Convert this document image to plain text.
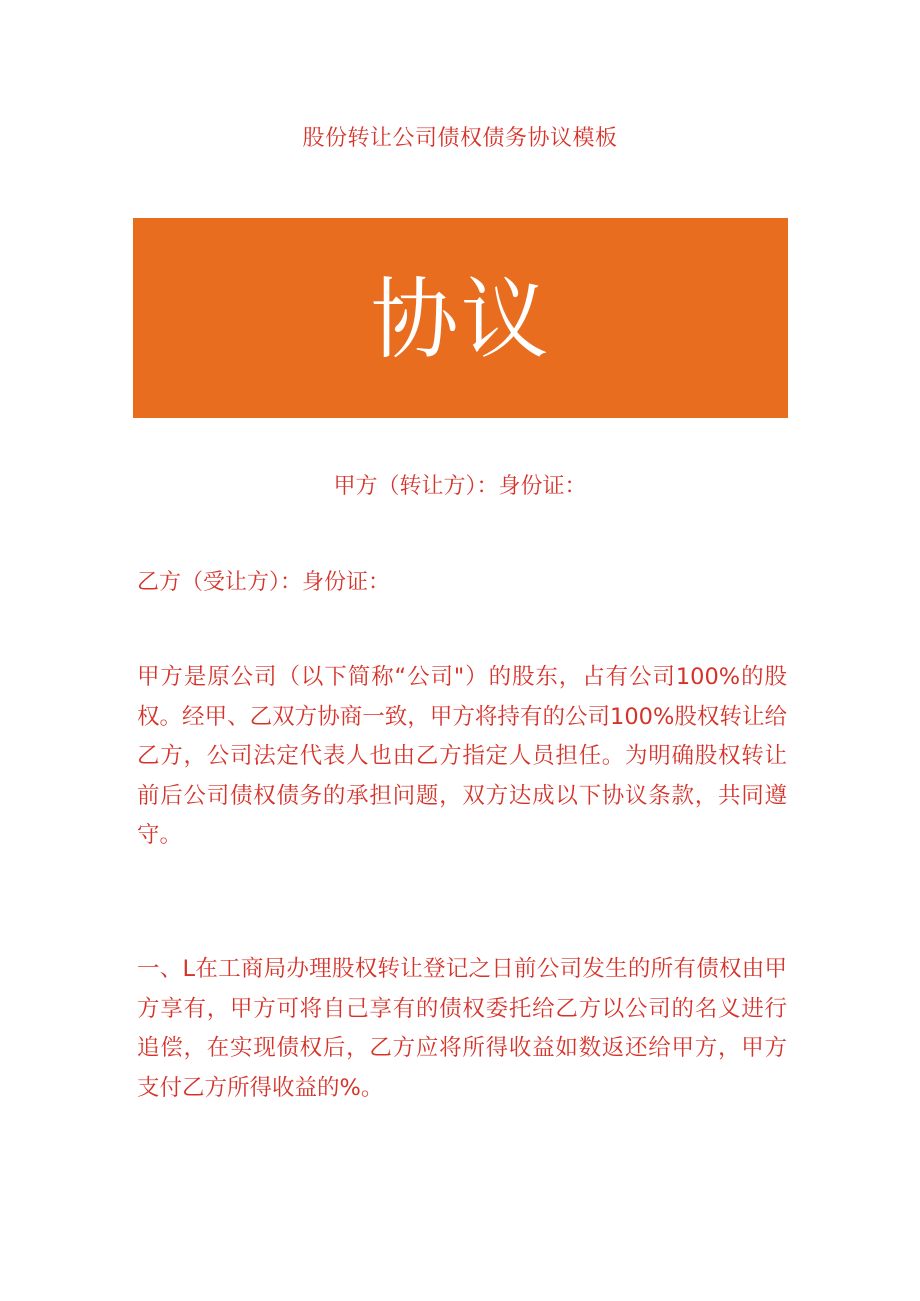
股份转让公司债权债务协议模板
协议
甲方（转让方）：身份证：
乙方（受让方）：身份证：
甲方是原公司（以下简称“公司"）的股东，占有公司100%的股权。经甲、乙双方协商一致，甲方将持有的公司100%股权转让给乙方，公司法定代表人也由乙方指定人员担任。为明确股权转让前后公司债权债务的承担问题，双方达成以下协议条款，共同遵守。
一、L在工商局办理股权转让登记之日前公司发生的所有债权由甲方享有，甲方可将自己享有的债权委托给乙方以公司的名义进行追偿，在实现债权后，乙方应将所得收益如数返还给甲方，甲方支付乙方所得收益的%。
